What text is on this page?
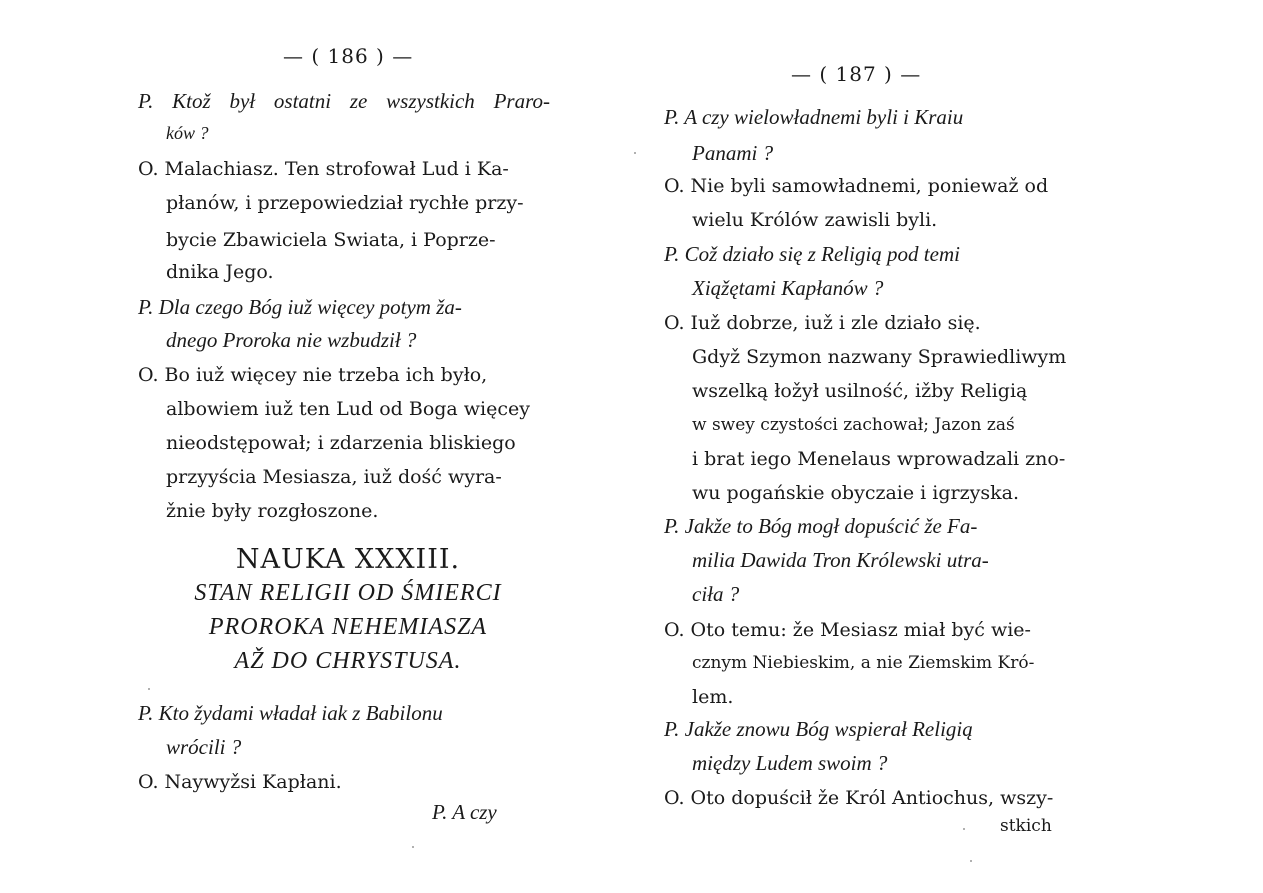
— ( 186 ) —
P. Ktož był ostatni ze wszystkich Praro-
ków ?
O. Malachiasz. Ten strofował Lud i Ka-
płanów, i przepowiedział rychłe przy-
bycie Zbawiciela Swiata, i Poprze-
dnika Jego.
P. Dla czego Bóg iuž więcey potym ža-
dnego Proroka nie wzbudził ?
O. Bo iuž więcey nie trzeba ich było,
albowiem iuž ten Lud od Boga więcey
nieodstępował; i zdarzenia bliskiego
przyyścia Mesiasza, iuž dość wyra-
žnie były rozgłoszone.
NAUKA XXXIII.
STAN RELIGII OD ŚMIERCI
PROROKA NEHEMIASZA
AŽ DO CHRYSTUSA.
P. Kto žydami władał iak z Babilonu
wrócili ?
O. Naywyžsi Kapłani.
P. A czy
— ( 187 ) —
P. A czy wielowładnemi byli i Kraiu
Panami ?
O. Nie byli samowładnemi, poniewaž od
wielu Królów zawisli byli.
P. Což działo się z Religią pod temi
Xiąžętami Kapłanów ?
O. Iuž dobrze, iuž i zle działo się.
Gdyž Szymon nazwany Sprawiedliwym
wszelką łožył usilność, ižby Religią
w swey czystości zachował; Jazon zaś
i brat iego Menelaus wprowadzali zno-
wu pogańskie obyczaie i igrzyska.
P. Jakže to Bóg mogł dopuścić že Fa-
milia Dawida Tron Królewski utra-
ciła ?
O. Oto temu: že Mesiasz miał być wie-
cznym Niebieskim, a nie Ziemskim Kró-
lem.
P. Jakže znowu Bóg wspierał Religią
między Ludem swoim ?
O. Oto dopuścił že Król Antiochus, wszy-
stkich
